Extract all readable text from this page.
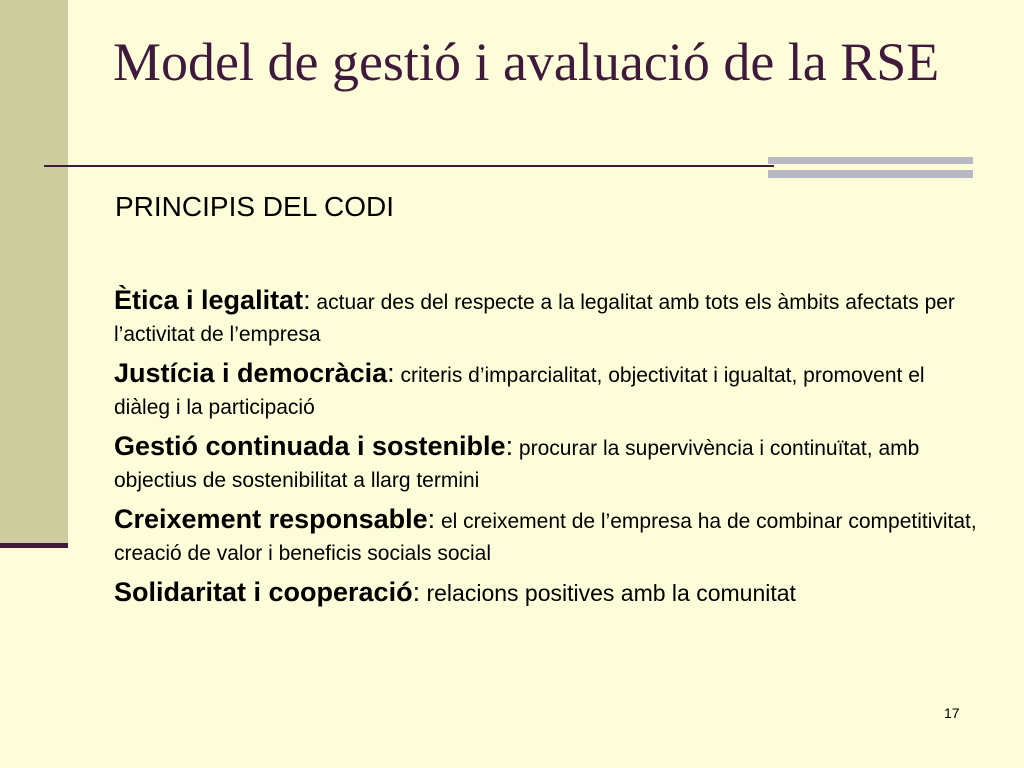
Model de gestió i avaluació de la RSE
PRINCIPIS DEL CODI
Ètica i legalitat: actuar des del respecte a la legalitat amb tots els àmbits afectats per l’activitat de l’empresa
Justícia i democràcia: criteris d’imparcialitat, objectivitat i igualtat, promovent el diàleg i la participació
Gestió continuada i sostenible: procurar la supervivència i continuïtat, amb objectius de sostenibilitat a llarg termini
Creixement responsable: el creixement de l’empresa ha de combinar competitivitat, creació de valor i beneficis socials social
Solidaritat i cooperació: relacions positives amb la comunitat
17
